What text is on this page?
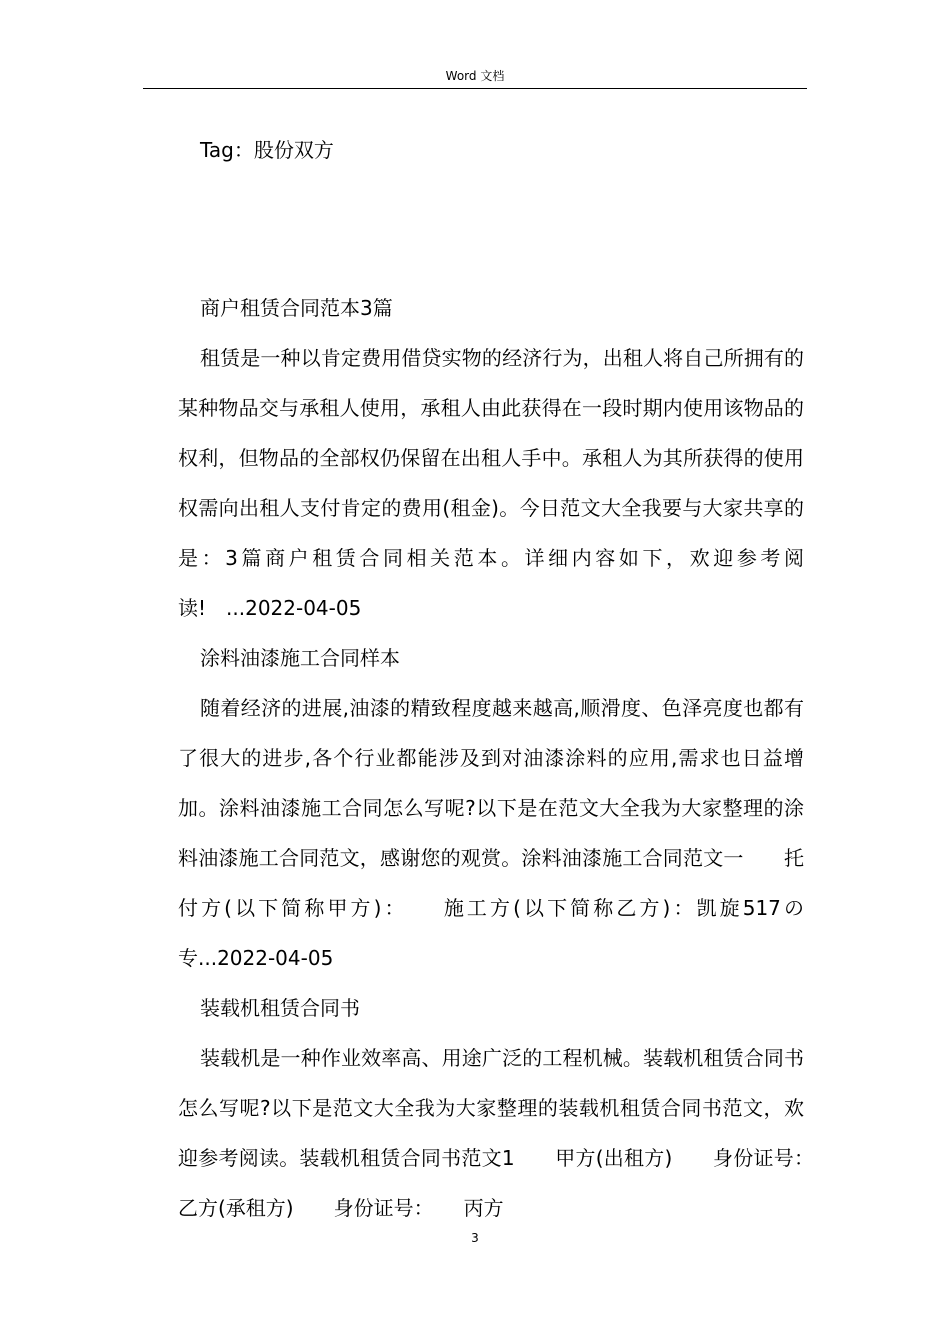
Word 文档
Tag：股份双方

商户租赁合同范本3篇

租赁是一种以肯定费用借贷实物的经济行为，出租人将自己所拥有的某种物品交与承租人使用，承租人由此获得在一段时期内使用该物品的权利，但物品的全部权仍保留在出租人手中。承租人为其所获得的使用权需向出租人支付肯定的费用(租金)。今日范文大全我要与大家共享的是：3篇商户租赁合同相关范本。详细内容如下，欢迎参考阅读!　...2022-04-05

涂料油漆施工合同样本

随着经济的进展,油漆的精致程度越来越高,顺滑度、色泽亮度也都有了很大的进步,各个行业都能涉及到对油漆涂料的应用,需求也日益增加。涂料油漆施工合同怎么写呢?以下是在范文大全我为大家整理的涂料油漆施工合同范文，感谢您的观赏。涂料油漆施工合同范文一　　托付方(以下简称甲方)：　　施工方(以下简称乙方)：凯旋517の专...2022-04-05

装载机租赁合同书

装载机是一种作业效率高、用途广泛的工程机械。装载机租赁合同书怎么写呢?以下是范文大全我为大家整理的装载机租赁合同书范文，欢迎参考阅读。装载机租赁合同书范文1　　甲方(出租方)　　身份证号：　　乙方(承租方)　　身份证号：　　丙方

3
